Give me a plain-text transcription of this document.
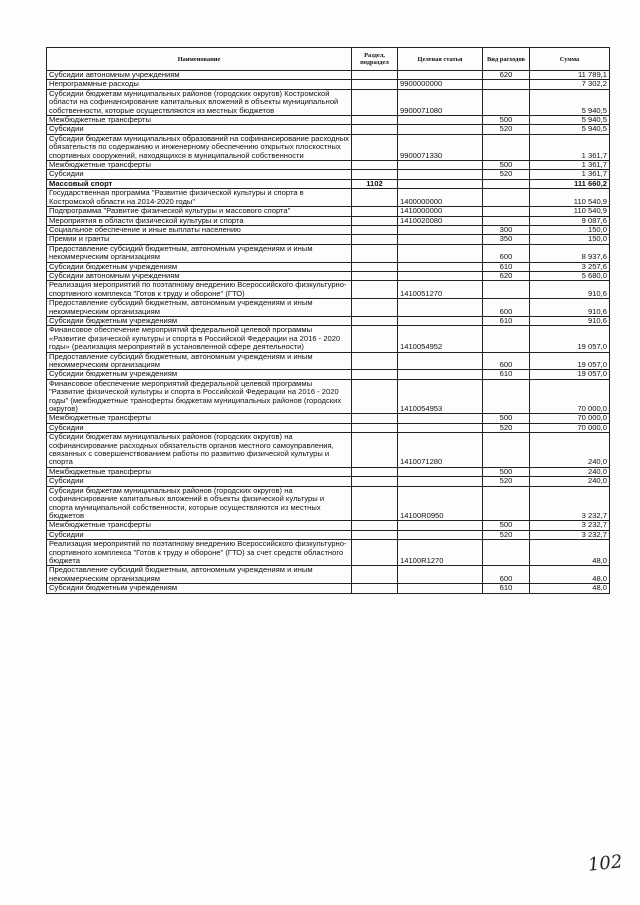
Наименование	Раздел, подраздел	Целевая статья	Вид расходов	Сумма
Субсидии автономным учреждениям			620	11 789,1
Непрограммные расходы		9900000000		7 302,2
Субсидии бюджетам муниципальных районов (городских округов) Костромской области на софинансирование капитальных вложений в объекты муниципальной собственности, которые осуществляются из местных бюджетов		9900071080		5 940,5
Межбюджетные трансферты			500	5 940,5
Субсидии			520	5 940,5
Субсидии бюджетам муниципальных образований на софинансирование расходных обязательств по содержанию и инженерному обеспечению открытых плоскостных спортивных сооружений, находящихся в муниципальной собственности		9900071330		1 361,7
Межбюджетные трансферты			500	1 361,7
Субсидии			520	1 361,7
Массовый спорт	1102			111 660,2
Государственная программа "Развитие физической культуры и спорта в Костромской области на 2014-2020 годы"		1400000000		110 540,9
Подпрограмма "Развитие физической культуры и массового спорта"		1410000000		110 540,9
Мероприятия в области физической культуры и спорта		1410020080		9 087,6
Социальное обеспечение и иные выплаты населению			300	150,0
Премии и гранты			350	150,0
Предоставление субсидий бюджетным, автономным учреждениям и иным некоммерческим организациям			600	8 937,6
Субсидии бюджетным учреждениям			610	3 257,6
Субсидии автономным учреждениям			620	5 680,0
Реализация мероприятий по поэтапному внедрению Всероссийского физкультурно-спортивного комплекса "Готов к труду и обороне" (ГТО)		1410051270		910,6
Предоставление субсидий бюджетным, автономным учреждениям и иным некоммерческим организациям			600	910,6
Субсидии бюджетным учреждениям			610	910,6
Финансовое обеспечение мероприятий федеральной целевой программы «Развитие физической культуры и спорта в Российской Федерации на 2016 - 2020 годы» (реализация мероприятий в установленной сфере деятельности)		1410054952		19 057,0
Предоставление субсидий бюджетным, автономным учреждениям и иным некоммерческим организациям			600	19 057,0
Субсидии бюджетным учреждениям			610	19 057,0
Финансовое обеспечение мероприятий федеральной целевой программы "Развитие физической культуры и спорта в Российской Федерации на 2016 - 2020 годы" (межбюджетные трансферты бюджетам муниципальных районов (городских округов)		1410054953		70 000,0
Межбюджетные трансферты			500	70 000,0
Субсидии			520	70 000,0
Субсидии бюджетам муниципальных районов (городских округов) на софинансирование расходных обязательств органов местного самоуправления, связанных с совершенствованием работы по развитию физической культуры и спорта		1410071280		240,0
Межбюджетные трансферты			500	240,0
Субсидии			520	240,0
Субсидии бюджетам муниципальных районов (городских округов) на софинансирование капитальных вложений в объекты физической культуры и спорта муниципальной собственности, которые осуществляются из местных бюджетов		14100R0950		3 232,7
Межбюджетные трансферты			500	3 232,7
Субсидии			520	3 232,7
Реализация мероприятий по поэтапному внедрению Всероссийского физкультурно-спортивного комплекса "Готов к труду и обороне" (ГТО) за счет средств областного бюджета		14100R1270		48,0
Предоставление субсидий бюджетным, автономным учреждениям и иным некоммерческим организациям			600	48,0
Субсидии бюджетным учреждениям			610	48,0
102
